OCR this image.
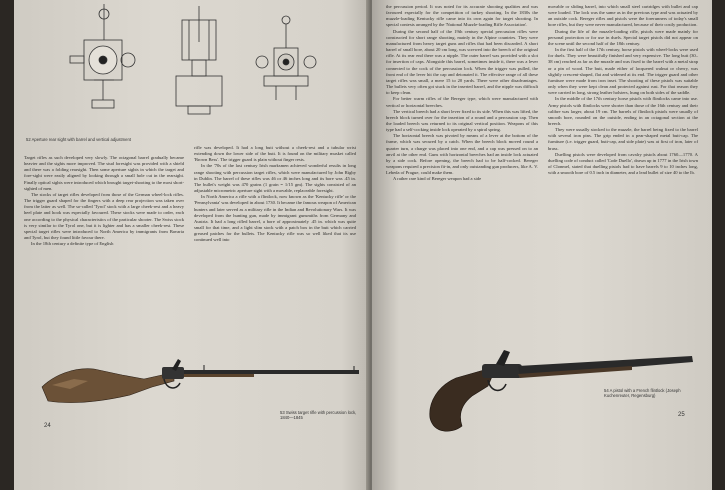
52 Aperture rear sight with barrel and vertical adjustment

Target rifles as such developed very slowly. The octagonal barrel gradually became heavier and the sights more improved. The stud foresight was provided with a shield and there was a folding rearsight. Then some aperture sights in which the target and fore-sight were easily aligned by looking through a small hole cut in the rearsight. Finally optical sights were introduced which brought target-shooting to the most short-sighted of men.

The stocks of target rifles developed from those of the German wheel-lock rifles. The trigger guard shaped for the fingers with a deep rear projection was taken over from the latter as well. The so-called 'Tyrol' stock with a large cheek-rest and a heavy heel plate and hook was especially favoured. These stocks were made to order, each one according to the physical characteristics of the particular shooter. The Swiss stock is very similar to the Tyrol one, but it is lighter and has a smaller cheek-rest. These special target rifles were introduced to North America by immigrants from Bavaria and Tyrol, but they found little favour there.

In the 18th century a definite type of English

rifle was developed. It had a long butt without a cheek-rest and a tubular wrist extending down the lower side of the butt. It is found on the military musket called 'Brown Bess'. The trigger guard is plain without finger rests.

In the '70s of the last century Irish marksmen achieved wonderful results in long range shooting with percussion target rifles, which were manufactured by John Rigby in Dublin. The barrel of these rifles was 46 or 46 inches long and its bore was .45 in. The bullet's weight was 470 grains (1 grain = 1/15 gm). The sights consisted of an adjustable micrometric aperture sight with a movable, replaceable foresight.

In North America a rifle with a flintlock, now known as the 'Kentucky rifle' or the 'Pennsylvania' was developed in about 1730. It became the famous weapon of American hunters and later served as a military rifle in the Indian and Revolutionary Wars. It was developed from the hunting gun, made by immigrant gunsmiths from Germany and Austria. It had a long rifled barrel, a bore of approximately .45 in. which was quite small for that time, and a light slim stock with a patch box in the butt which carried greased patches for the bullets. The Kentucky rifle was so well liked that its use continued well into

53 Swiss target rifle with percussion lock, 1840—1845
24

the percussion period. It was noted for its accurate shooting qualities and was favoured especially for the competition of turkey shooting. In the 1830s the muzzle-loading Kentucky rifle came into its own again for target shooting. In special contests arranged by the 'National Muzzle-loading Rifle Association'.

During the second half of the 19th century special percussion rifles were constructed for short range shooting, mainly in the Alpine countries. They were manufactured from heavy target guns and rifles that had been discarded. A short barrel of small bore, about 20 cm long, was screwed into the breech of the original rifle. At its rear end there was a nipple. The outer barrel was provided with a slot for insertion of caps. Alongside this barrel, sometimes inside it, there was a lever connected to the cock of the percussion lock. When the trigger was pulled, the front end of the lever hit the cap and detonated it. The effective range of all these target rifles was small, a mere 15 to 20 yards. There were other disadvantages. The bullets very often got stuck in the inserted barrel, and the nipple was difficult to keep clean.

For better warm rifles of the Bereger type, which were manufactured with vertical or horizontal breeches.

The vertical breech had a short lever fixed to its side. When this was lifted, the breech block turned over for the insertion of a round and a percussion cap. Then the loaded breech was returned to its original vertical position. Weapons of this type had a self-cocking inside lock operated by a spiral spring.

The horizontal breech was pivoted by means of a lever at the bottom of the frame, which was secured by a catch. When the breech block moved round a quarter turn, a charge was placed into one end, and a cap was pressed on to an anvil at the other end. Guns with horizontal breeches had an inside lock actuated by a side cock. Before opening, the breech had to be half-cocked. Bereger weapons required a precision fit-in, and only outstanding gun producers, like A. V. Lebeda of Prague, could make them.

A rather rare kind of Bereger weapon had a side

movable or sliding barrel, into which small steel cartridges with bullet and cap were loaded. The lock was the same as in the previous type and was actuated by an outside cock. Bereger rifles and pistols were the forerunners of today's small bore rifles, but they were never manufactured, because of their costly production.

During the life of the muzzle-loading rifle, pistols were made mainly for personal protection or for use in duels. Special target pistols did not appear on the scene until the second half of the 18th century.

In the first half of the 17th century, horse pistols with wheel-locks were used for duels. They were beautifully finished and very expensive. The long butt (30–38 cm) reached as far as the muzzle and was fixed to the barrel with a metal strap or a pin of wood. The butt, made either of lacquered walnut or cherry, was slightly crescent-shaped, flat and widened at its end. The trigger guard and other furniture were made from iron inset. The shooting of these pistols was suitable only when they were kept clean and protected against rust. For that reason they were carried in long, strong leather holsters, hung on both sides of the saddle.

In the middle of the 17th century horse pistols with flintlocks came into use. Army pistols with flintlocks were shorter than those of the 16th century and their calibre was larger, about 19 cm. The barrels of flintlock pistols were usually of smooth bore, rounded on the outside, ending in an octagonal section at the breech.

They were usually stocked to the muzzle, the barrel being fixed to the barrel with several iron pins. The grip ended in a pear-shaped metal butt-cap. The furniture (i.e. trigger guard, butt-cap, and side plate) was at first of iron, later of brass.

Duelling pistols were developed from cavalry pistols about 1760—1770. A duelling code of conduct called 'Code Duello', drawn up in 1777 in the Irish town of Clonmel, stated that duelling pistols had to have barrels 9 to 10 inches long, with a smooth bore of 0.5 inch in diameter, and a lead bullet of size 40 to the lb.

54 A pistol with a French flintlock (Joseph Kuchenreuter, Regensburg)
25
